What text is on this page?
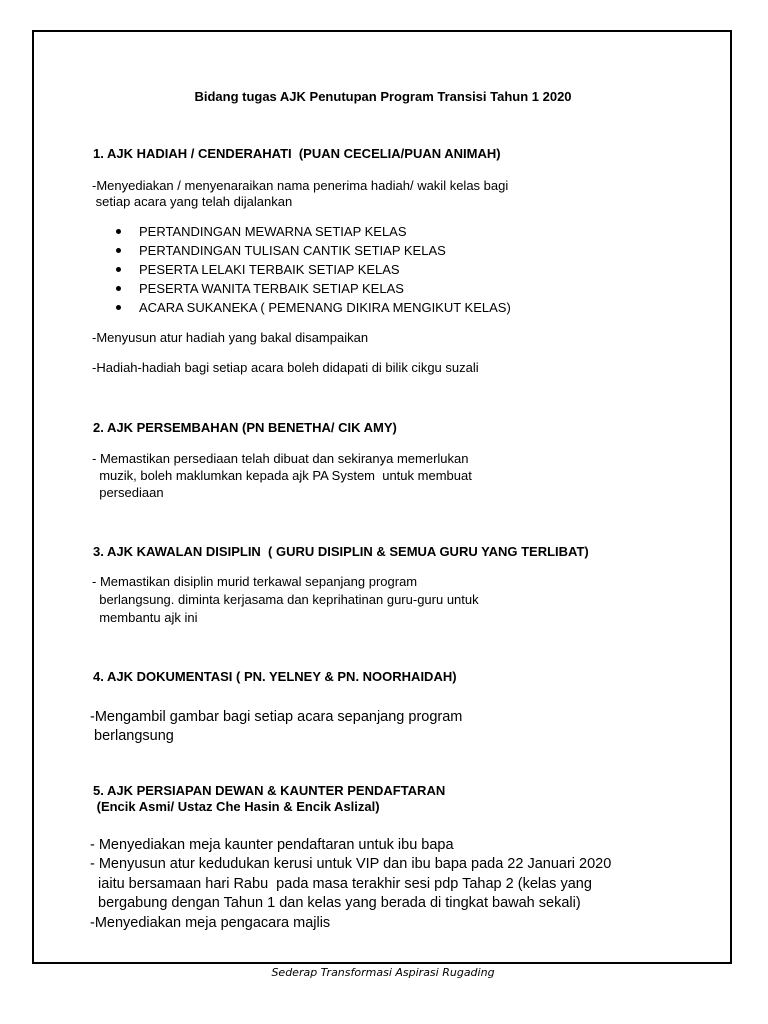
Bidang tugas AJK Penutupan Program Transisi Tahun 1 2020
1. AJK HADIAH / CENDERAHATI  (PUAN CECELIA/PUAN ANIMAH)
-Menyediakan / menyenaraikan nama penerima hadiah/ wakil kelas bagi
setiap acara yang telah dijalankan
PERTANDINGAN MEWARNA SETIAP KELAS
PERTANDINGAN TULISAN CANTIK SETIAP KELAS
PESERTA LELAKI TERBAIK SETIAP KELAS
PESERTA WANITA TERBAIK SETIAP KELAS
ACARA SUKANEKA ( PEMENANG DIKIRA MENGIKUT KELAS)
-Menyusun atur hadiah yang bakal disampaikan
-Hadiah-hadiah bagi setiap acara boleh didapati di bilik cikgu suzali
2. AJK PERSEMBAHAN (PN BENETHA/ CIK AMY)
- Memastikan persediaan telah dibuat dan sekiranya memerlukan
muzik, boleh maklumkan kepada ajk PA System  untuk membuat
persediaan
3. AJK KAWALAN DISIPLIN  ( GURU DISIPLIN & SEMUA GURU YANG TERLIBAT)
- Memastikan disiplin murid terkawal sepanjang program
berlangsung. diminta kerjasama dan keprihatinan guru-guru untuk
membantu ajk ini
4. AJK DOKUMENTASI ( PN. YELNEY & PN. NOORHAIDAH)
-Mengambil gambar bagi setiap acara sepanjang program
berlangsung
5. AJK PERSIAPAN DEWAN & KAUNTER PENDAFTARAN
(Encik Asmi/ Ustaz Che Hasin & Encik Aslizal)
- Menyediakan meja kaunter pendaftaran untuk ibu bapa
- Menyusun atur kedudukan kerusi untuk VIP dan ibu bapa pada 22 Januari 2020
iaitu bersamaan hari Rabu  pada masa terakhir sesi pdp Tahap 2 (kelas yang
bergabung dengan Tahun 1 dan kelas yang berada di tingkat bawah sekali)
-Menyediakan meja pengacara majlis
Sederap Transformasi Aspirasi Rugading
